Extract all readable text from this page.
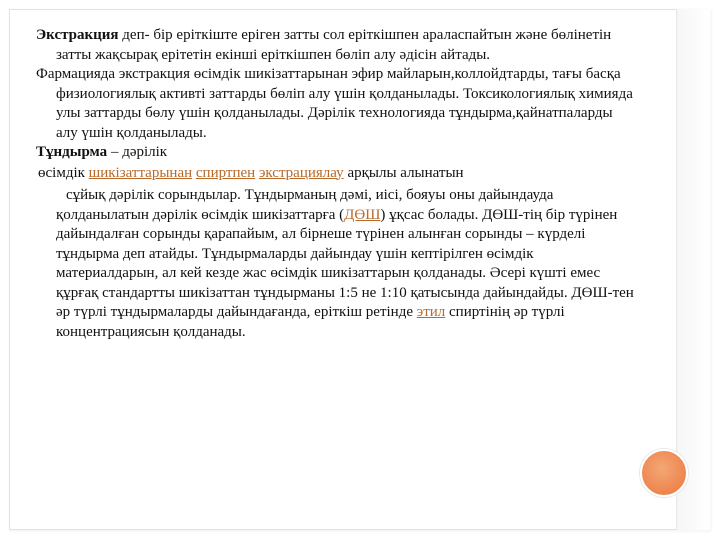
Экстракция деп- бір еріткіште еріген затты сол еріткішпен араласпайтын және бөлінетін затты жақсырақ ерітетін екінші еріткішпен бөліп алу әдісін айтады.

Фармацияда экстракция өсімдік шикізаттарынан эфир майларын,коллойдтарды, тағы басқа физиологиялық активті заттарды бөліп алу үшін қолданылады. Токсикологиялық химияда улы заттарды бөлу үшін қолданылады. Дәрілік технологияда тұндырма,қайнатпаларды алу үшін қолданылады.

Тұндырма – дәрілік

өсімдік шикізаттарынан спиртпен экстрациялау арқылы алынатын

сұйық дәрілік сорындылар. Тұндырманың дәмі, иісі, бояуы оны дайындауда қолданылатын дәрілік өсімдік шикізаттарға (ДӨШ) ұқсас болады. ДӨШ-тің бір түрінен дайындалған сорынды қарапайым, ал бірнеше түрінен алынған сорынды – күрделі тұндырма деп атайды. Тұндырмаларды дайындау үшін кептірілген өсімдік материалдарын, ал кей кезде жас өсімдік шикізаттарын қолданады. Әсері күшті емес құрғақ стандартты шикізаттан тұндырманы 1:5 не 1:10 қатысында дайындайды. ДӨШ-тен әр түрлі тұндырмаларды дайындағанда, еріткіш ретінде этил спиртінің әр түрлі концентрациясын қолданады.
